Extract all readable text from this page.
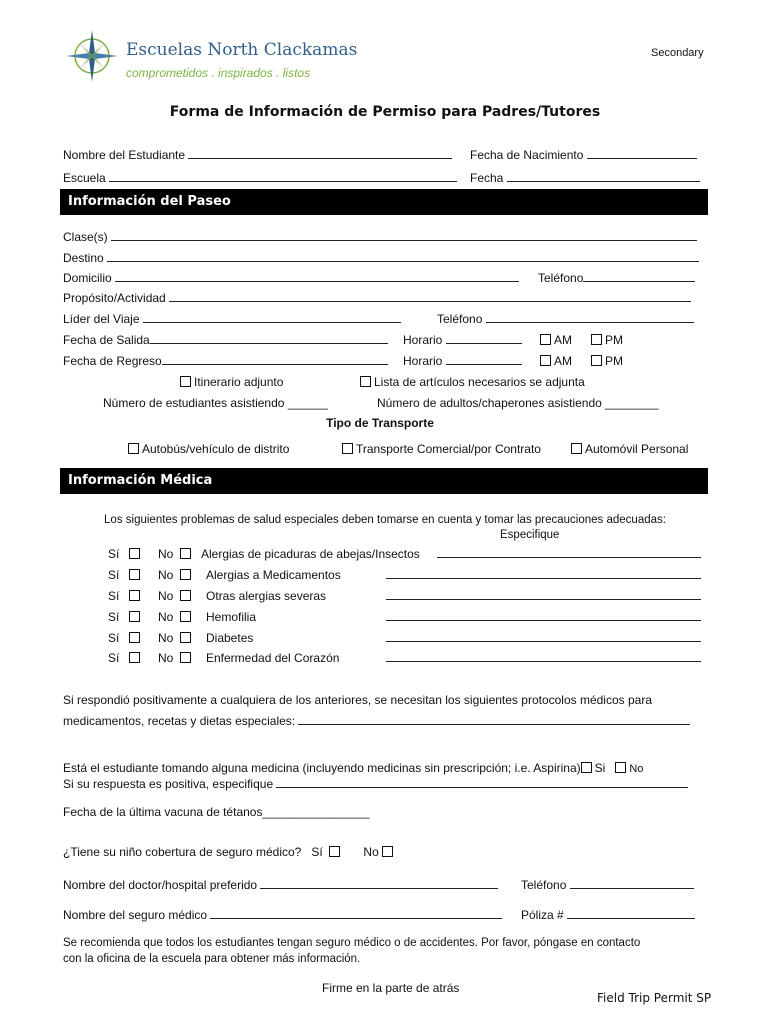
Escuelas North Clackamas
comprometidos . inspirados . listos
Secondary
Forma de Información de Permiso para Padres/Tutores
Nombre del Estudiante	Fecha de Nacimiento
Escuela	Fecha
Información del Paseo
Clase(s)
Destino
Domicilio	Teléfono
Propósito/Actividad
Líder del Viaje	Teléfono
Fecha de Salida	Horario	AM	PM
Fecha de Regreso	Horario	AM	PM
Itinerario adjunto	Lista de artículos necesarios se adjunta
Número de estudiantes asistiendo ______	Número de adultos/chaperones asistiendo ________
Tipo de Transporte
Autobús/vehículo de distrito	Transporte Comercial/por Contrato	Automóvil Personal
Información Médica
Los siguientes problemas de salud especiales deben tomarse en cuenta y tomar las precauciones adecuadas:
Especifique
Sí	No Alergias de picaduras de abejas/Insectos
Sí	No	Alergias a Medicamentos
Sí	No	Otras alergias severas
Sí	No	Hemofilia
Sí	No	Diabetes
Sí	No	Enfermedad del Corazón
Si respondió positivamente a cualquiera de los anteriores, se necesitan los siguientes protocolos médicos para
medicamentos, recetas y dietas especiales:
Está el estudiante tomando alguna medicina (incluyendo medicinas sin prescripción; i.e. Aspirina) Si No
Si su respuesta es positiva, especifique
Fecha de la última vacuna de tétanos________________
¿Tiene su niño cobertura de seguro médico? Sí	No
Nombre del doctor/hospital preferido	Teléfono
Nombre del seguro médico	Póliza #
Se recomienda que todos los estudiantes tengan seguro médico o de accidentes. Por favor, póngase en contacto
con la oficina de la escuela para obtener más información.
Firme en la parte de atrás
Field Trip Permit SP
